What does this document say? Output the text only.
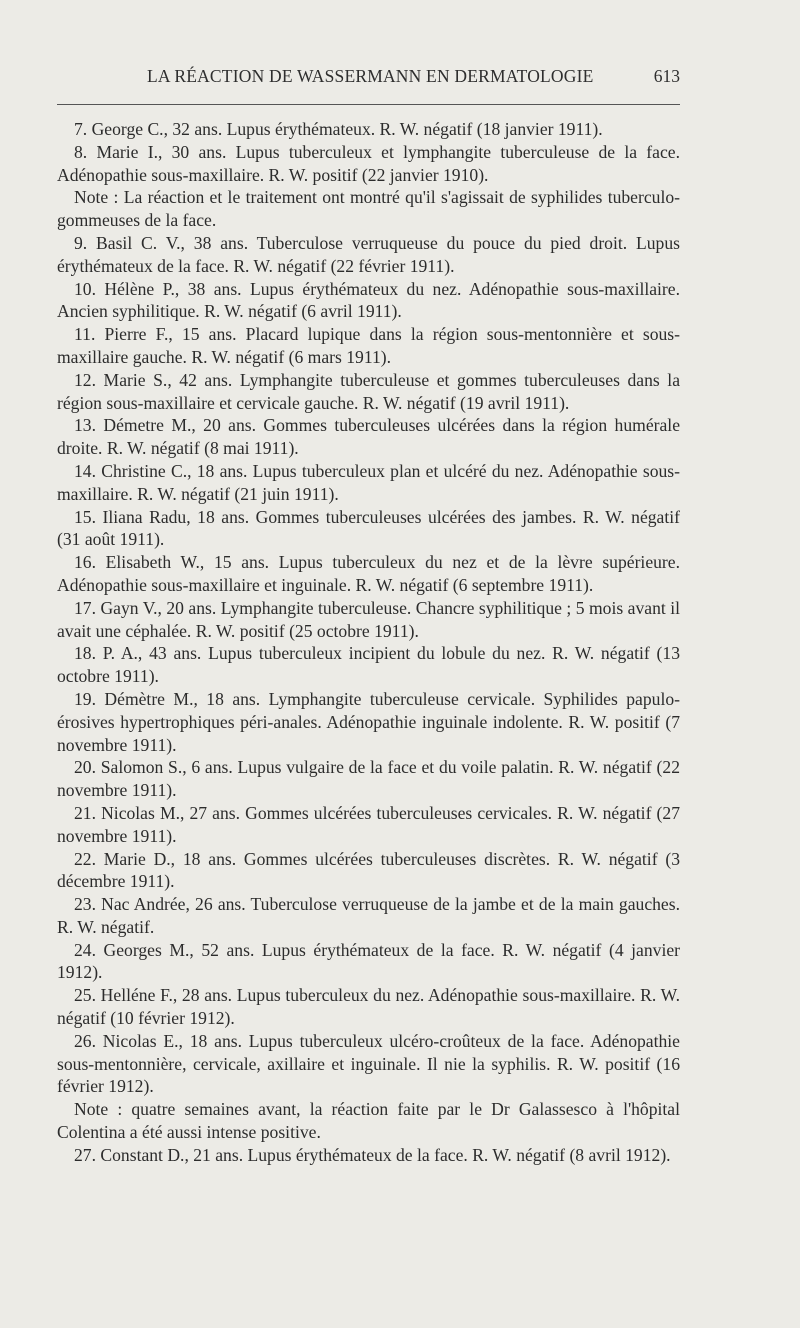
LA RÉACTION DE WASSERMANN EN DERMATOLOGIE	613

7. George C., 32 ans. Lupus érythémateux. R. W. négatif (18 janvier 1911).

8. Marie I., 30 ans. Lupus tuberculeux et lymphangite tuberculeuse de la face. Adénopathie sous-maxillaire. R. W. positif (22 janvier 1910).

Note : La réaction et le traitement ont montré qu'il s'agissait de syphilides tuberculo-gommeuses de la face.

9. Basil C. V., 38 ans. Tuberculose verruqueuse du pouce du pied droit. Lupus érythémateux de la face. R. W. négatif (22 février 1911).

10. Hélène P., 38 ans. Lupus érythémateux du nez. Adénopathie sous-maxillaire. Ancien syphilitique. R. W. négatif (6 avril 1911).

11. Pierre F., 15 ans. Placard lupique dans la région sous-mentonnière et sous-maxillaire gauche. R. W. négatif (6 mars 1911).

12. Marie S., 42 ans. Lymphangite tuberculeuse et gommes tuberculeuses dans la région sous-maxillaire et cervicale gauche. R. W. négatif (19 avril 1911).

13. Démetre M., 20 ans. Gommes tuberculeuses ulcérées dans la région humérale droite. R. W. négatif (8 mai 1911).

14. Christine C., 18 ans. Lupus tuberculeux plan et ulcéré du nez. Adénopathie sous-maxillaire. R. W. négatif (21 juin 1911).

15. Iliana Radu, 18 ans. Gommes tuberculeuses ulcérées des jambes. R. W. négatif (31 août 1911).

16. Elisabeth W., 15 ans. Lupus tuberculeux du nez et de la lèvre supérieure. Adénopathie sous-maxillaire et inguinale. R. W. négatif (6 septembre 1911).

17. Gayn V., 20 ans. Lymphangite tuberculeuse. Chancre syphilitique ; 5 mois avant il avait une céphalée. R. W. positif (25 octobre 1911).

18. P. A., 43 ans. Lupus tuberculeux incipient du lobule du nez. R. W. négatif (13 octobre 1911).

19. Démètre M., 18 ans. Lymphangite tuberculeuse cervicale. Syphilides papulo-érosives hypertrophiques péri-anales. Adénopathie inguinale indolente. R. W. positif (7 novembre 1911).

20. Salomon S., 6 ans. Lupus vulgaire de la face et du voile palatin. R. W. négatif (22 novembre 1911).

21. Nicolas M., 27 ans. Gommes ulcérées tuberculeuses cervicales. R. W. négatif (27 novembre 1911).

22. Marie D., 18 ans. Gommes ulcérées tuberculeuses discrètes. R. W. négatif (3 décembre 1911).

23. Nac Andrée, 26 ans. Tuberculose verruqueuse de la jambe et de la main gauches. R. W. négatif.

24. Georges M., 52 ans. Lupus érythémateux de la face. R. W. négatif (4 janvier 1912).

25. Helléne F., 28 ans. Lupus tuberculeux du nez. Adénopathie sous-maxillaire. R. W. négatif (10 février 1912).

26. Nicolas E., 18 ans. Lupus tuberculeux ulcéro-croûteux de la face. Adénopathie sous-mentonnière, cervicale, axillaire et inguinale. Il nie la syphilis. R. W. positif (16 février 1912).

Note : quatre semaines avant, la réaction faite par le Dr Galassesco à l'hôpital Colentina a été aussi intense positive.

27. Constant D., 21 ans. Lupus érythémateux de la face. R. W. négatif (8 avril 1912).
